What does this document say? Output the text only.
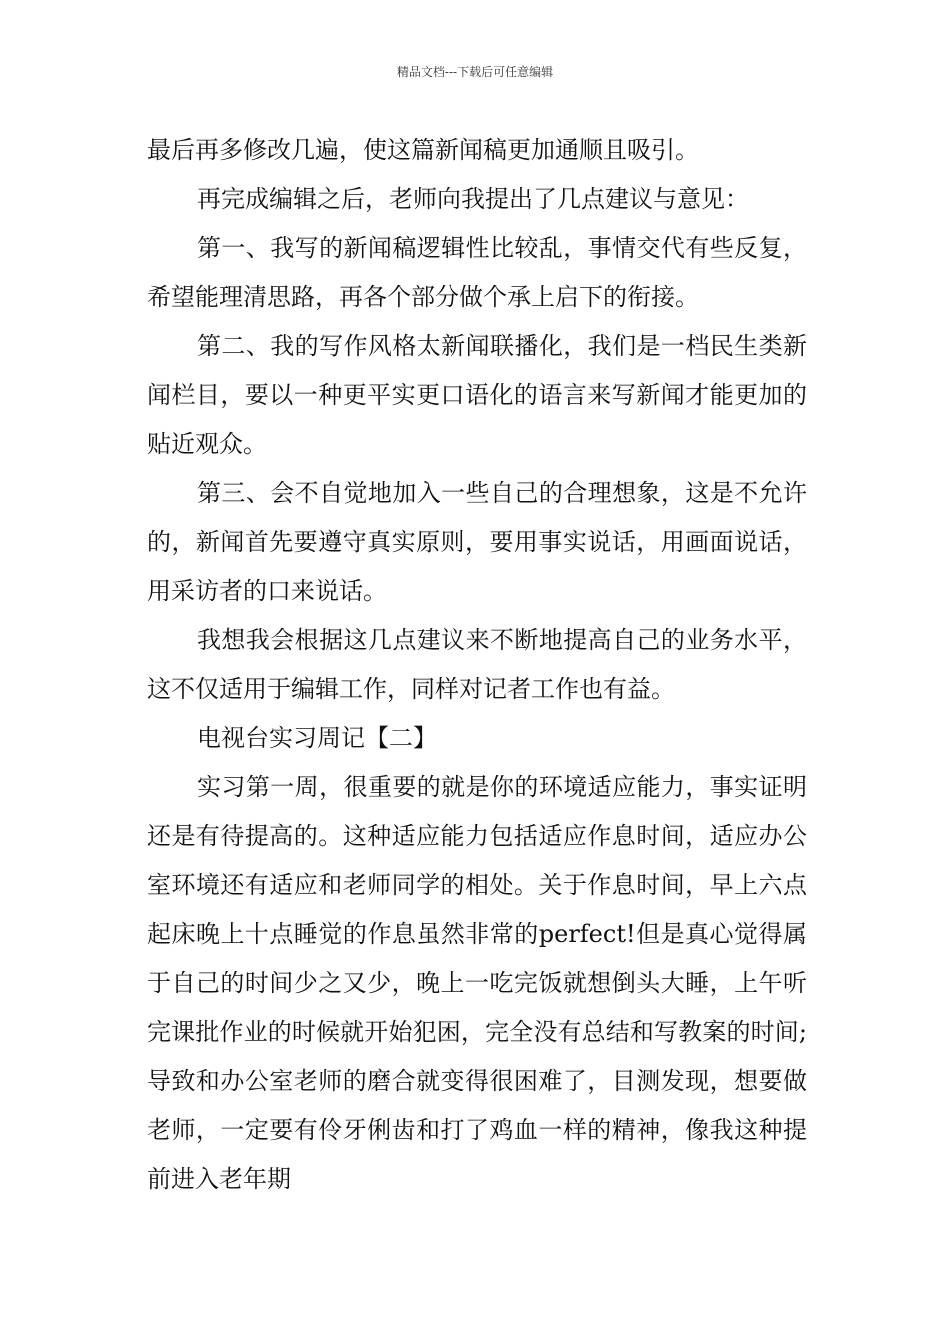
精品文档---下载后可任意编辑

最后再多修改几遍，使这篇新闻稿更加通顺且吸引。

再完成编辑之后，老师向我提出了几点建议与意见：

第一、我写的新闻稿逻辑性比较乱，事情交代有些反复，希望能理清思路，再各个部分做个承上启下的衔接。

第二、我的写作风格太新闻联播化，我们是一档民生类新闻栏目，要以一种更平实更口语化的语言来写新闻才能更加的贴近观众。

第三、会不自觉地加入一些自己的合理想象，这是不允许的，新闻首先要遵守真实原则，要用事实说话，用画面说话，用采访者的口来说话。

我想我会根据这几点建议来不断地提高自己的业务水平，这不仅适用于编辑工作，同样对记者工作也有益。

电视台实习周记【二】

实习第一周，很重要的就是你的环境适应能力，事实证明还是有待提高的。这种适应能力包括适应作息时间，适应办公室环境还有适应和老师同学的相处。关于作息时间，早上六点起床晚上十点睡觉的作息虽然非常的perfect!但是真心觉得属于自己的时间少之又少，晚上一吃完饭就想倒头大睡，上午听完课批作业的时候就开始犯困，完全没有总结和写教案的时间;导致和办公室老师的磨合就变得很困难了，目测发现，想要做老师，一定要有伶牙俐齿和打了鸡血一样的精神，像我这种提前进入老年期
